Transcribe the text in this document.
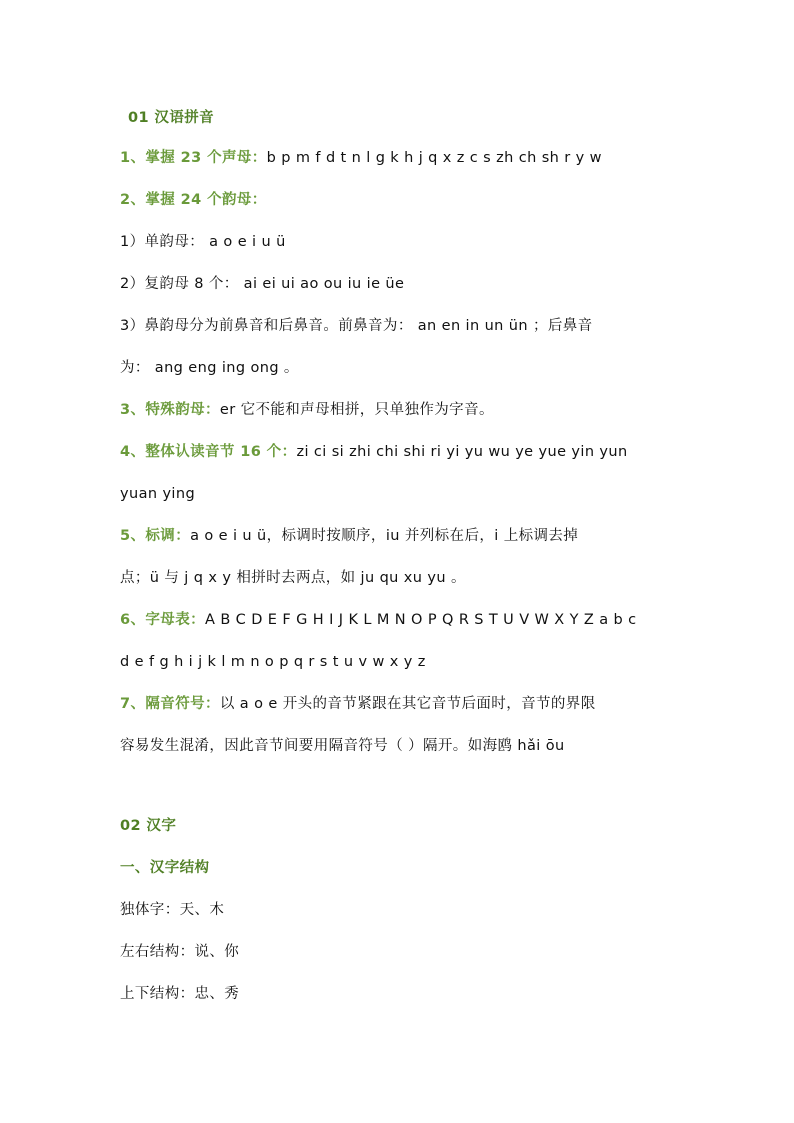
01 汉语拼音
1、掌握 23 个声母：b p m f d t n l g k h j q x z c s zh ch sh r y w
2、掌握 24 个韵母：
1）单韵母： a o e i u ü
2）复韵母 8 个： ai ei ui ao ou iu ie üe
3）鼻韵母分为前鼻音和后鼻音。前鼻音为： an en in un ün ；后鼻音
为： ang eng ing ong 。
3、特殊韵母：er 它不能和声母相拼，只单独作为字音。
4、整体认读音节 16 个：zi ci si zhi chi shi ri yi yu wu ye yue yin yun
yuan ying
5、标调：a o e i u ü，标调时按顺序，iu 并列标在后，i 上标调去掉
点；ü 与 j q x y 相拼时去两点，如 ju qu xu yu 。
6、字母表：A B C D E F G H I J K L M N O P Q R S T U V W X Y Z a b c
d e f g h i j k l m n o p q r s t u v w x y z
7、隔音符号：以 a o e 开头的音节紧跟在其它音节后面时，音节的界限
容易发生混淆，因此音节间要用隔音符号（ ）隔开。如海鸥 hǎi ōu
02 汉字
一、汉字结构
独体字：天、木
左右结构：说、你
上下结构：忠、秀
